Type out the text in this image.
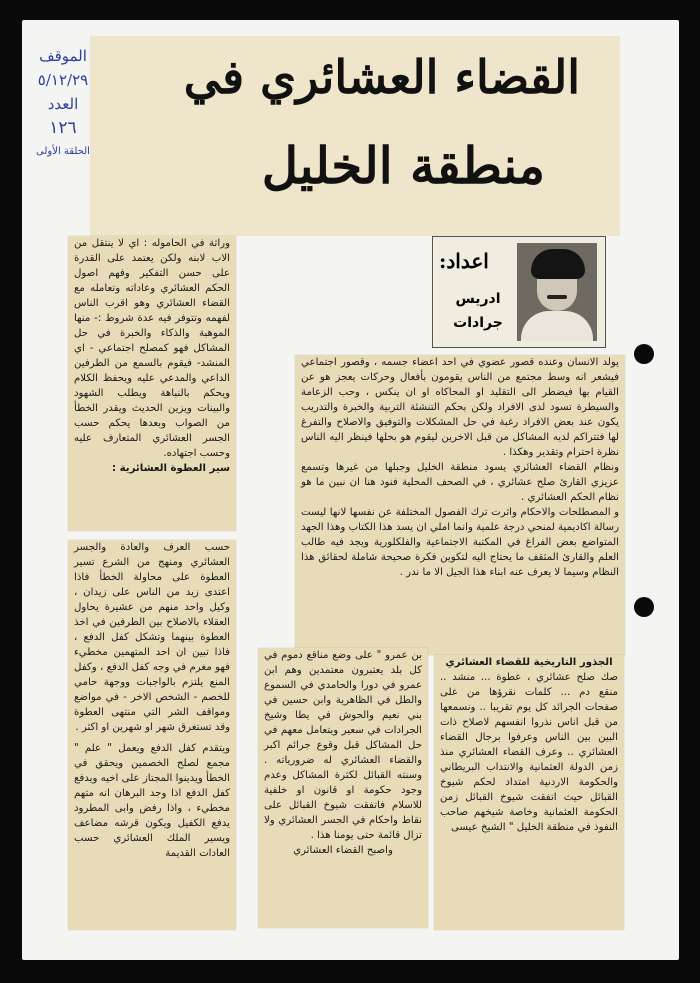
الموقف
٥/١٢/٢٩
العدد
١٢٦
الحلقة الأولى
القضاء العشائري في
منطقة الخليل
اعداد:
ادريس
جرادات

وراثة في الحاموله : اي لا ينتقل من الاب لابنه ولكن يعتمد على القدرة على حسن التفكير وفهم اصول الحكم العشائري وعاداته وتعامله مع القضاء العشائري وهو اقرب الناس لفهمه وتتوفر فيه عدة شروط :- منها الموهبة والذكاء والخبرة في حل المشاكل فهو كمصلح اجتماعي - اي المنشد- فيقوم بالسمع من الطرفين الداعي والمدعي عليه ويحفظ الكلام ويحكم بالنباهة ويطلب الشهود والبينات ويزين الحديث ويقدر الخطأ من الصواب وبعدها يحكم حسب الجسر العشائري المتعارف عليه وحسب اجتهاده.

سير العطوة العشائرية :

حسب العرف والعادة والجسر العشائري ومنهج من الشرع تسير العطوة على محاولة الخطأ فاذا اعتدى زيد من الناس على زيدان ، وكيل واحد منهم من عشيرة يحاول العقلاء بالاصلاح بين الطرفين في اخذ العطوة بينهما وتشكل كفل الدفع ، فاذا تبين ان احد المتهمين مخطيء فهو مغرم في وجه كفل الدفع ، وكفل المنع يلتزم بالواجبات ووجهة حامي للخصم - الشخص الاخر - في مواضع ومواقف الشر التي منتهى العطوة وقد تستغرق شهر او شهرين او اكثر .

ويتقدم كفل الدفع ويعمل " علم " مجمع لصلح الخصمين ويحقق في الخطأ ويدينوا المجتاز على اخيه ويدفع كفل الدفع اذا وجد البرهان انه متهم مخطيء ، واذا رفض وابى المطرود يدفع الكفيل ويكون قرشه مضاعف ويسير الملك العشائري حسب العادات القديمة

يولد الانسان وعنده قصور عضوي في احد اعضاء جسمه ، وقصور اجتماعي فيشعر انه وسط مجتمع من الناس يقومون بأفعال وحركات يعجز هو عن القيام بها فيضطر الى التقليد او المحاكاه او ان ينكس ، وحب الزعامة والسيطرة تسود لدى الافراد ولكن بحكم التنشئة التربية والخبرة والتدريب يكون عند بعض الافراد رغبة في حل المشكلات والتوفيق والاصلاح والتفرغ لها فتتراكم لديه المشاكل من قبل الاخرين ليقوم هو بحلها فينظر اليه الناس نظرة احترام وتقدير وهكذا .

ونظام القضاء العشائري يسود منطقة الخليل وجبلها من غيرها وتسمع عزيزي القارئ صلح عشائري ، في الصحف المحلية فنود هنا ان نبين ما هو نظام الحكم العشائري .

و المصطلحات والاحكام واثرت ترك الفصول المختلفة عن نفسها لانها ليست رسالة اكاديمية لمنحي درجة علمية وانما املي ان يسد هذا الكتاب وهذا الجهد المتواضع بعض الفراغ في المكتبة الاجتماعية والفلكلورية ويجد فيه طالب العلم والقارئ المثقف ما يحتاج اليه لتكوين فكرة صحيحة شاملة لحقائق هذا النظام وسيما لا يعرف عنه ابناء هذا الجيل الا ما ندر .

بن عمرو " على وضع مناقع دموم في كل بلد يعتبرون معتمدين وهم ابن عمرو في دورا والحامدي في السموع والطل في الظاهرية وابن حسين في بني نعيم والحوش في يطا وشيخ الجرادات في سعير ويتعامل معهم في حل المشاكل قبل وقوع جرائم اكبر والقضاء العشائري له ضرورياته . وسنته القبائل لكثرة المشاكل وعدم وجود حكومة او قانون او خلفية للاسلام فاتفقت شيوخ القبائل على نقاط واحكام في الجسر العشائري ولا تزال قائمة حتى يومنا هذا .

واصبح القضاء العشائري

الجذور التاريخية للقضاء العشائري

صك صلح عشائري ، عطوة ... منشد .. منقع دم ... كلمات نقرؤها من على صفحات الجرائد كل يوم تقريبا .. ونسمعها من قبل اناس نذروا انفسهم لاصلاح ذات البين بين الناس وعرفوا برجال القضاء العشائري .. وعرف القضاء العشائري منذ زمن الدولة العثمانية والانتداب البريطاني والحكومة الاردنية امتداد لحكم شيوخ القبائل حيث اتفقت شيوخ القبائل زمن الحكومة العثمانية وخاصة شيخهم صاحب النفوذ في منطقة الخليل " الشيخ عيسى
